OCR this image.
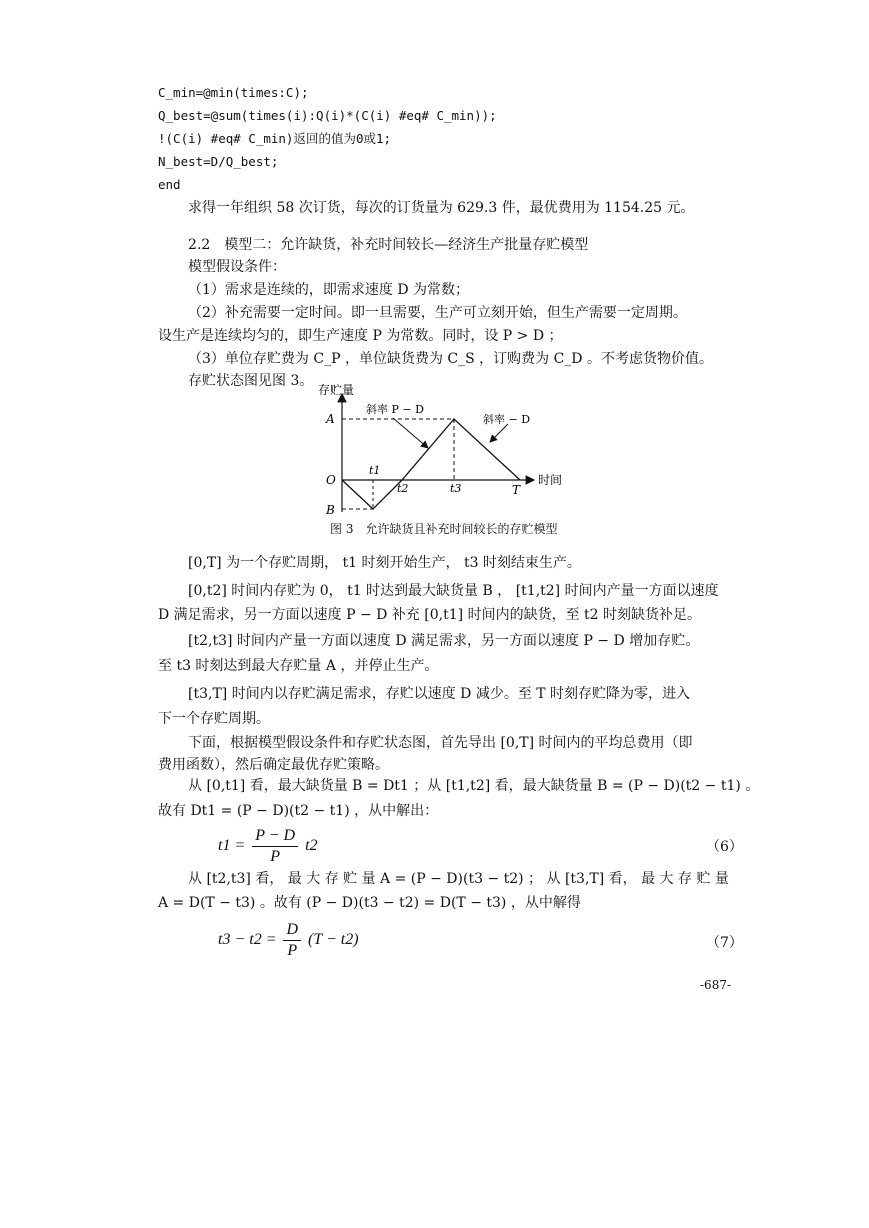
C_min=@min(times:C);
Q_best=@sum(times(i):Q(i)*(C(i) #eq# C_min));
!(C(i) #eq# C_min)返回的值为0或1;
N_best=D/Q_best;
end
求得一年组织 58 次订货，每次的订货量为 629.3 件，最优费用为 1154.25 元。
2.2　模型二：允许缺货，补充时间较长—经济生产批量存贮模型
模型假设条件：
（1）需求是连续的，即需求速度 D 为常数；
（2）补充需要一定时间。即一旦需要，生产可立刻开始，但生产需要一定周期。
设生产是连续均匀的，即生产速度 P 为常数。同时，设 P > D ；
（3）单位存贮费为 C_P ，单位缺货费为 C_S ，订购费为 C_D 。不考虑货物价值。
存贮状态图见图 3。
存贮量
时间
斜率 P − D
斜率 − D
A
O
B
t1
t2	t3	T
图 3　允许缺货且补充时间较长的存贮模型
[0,T] 为一个存贮周期， t1 时刻开始生产， t3 时刻结束生产。
[0,t2] 时间内存贮为 0， t1 时达到最大缺货量 B ， [t1,t2] 时间内产量一方面以速度
D 满足需求，另一方面以速度 P − D 补充 [0,t1] 时间内的缺货，至 t2 时刻缺货补足。
[t2,t3] 时间内产量一方面以速度 D 满足需求，另一方面以速度 P − D 增加存贮。
至 t3 时刻达到最大存贮量 A ，并停止生产。
[t3,T] 时间内以存贮满足需求，存贮以速度 D 减少。至 T 时刻存贮降为零，进入
下一个存贮周期。
下面，根据模型假设条件和存贮状态图，首先导出 [0,T] 时间内的平均总费用（即
费用函数），然后确定最优存贮策略。
从 [0,t1] 看，最大缺货量 B = Dt1 ；从 [t1,t2] 看，最大缺货量 B = (P − D)(t2 − t1) 。
故有 Dt1 = (P − D)(t2 − t1) ，从中解出：
$t1 = \frac{P - D}{P} t2$	（6）
从 [t2,t3] 看， 最 大 存 贮 量 A = (P − D)(t3 − t2) ； 从 [t3,T] 看， 最 大 存 贮 量
A = D(T − t3) 。故有 (P − D)(t3 − t2) = D(T − t3) ，从中解得
$t3 - t2 = \frac{D}{P} (T - t2)$	（7）
-687-
